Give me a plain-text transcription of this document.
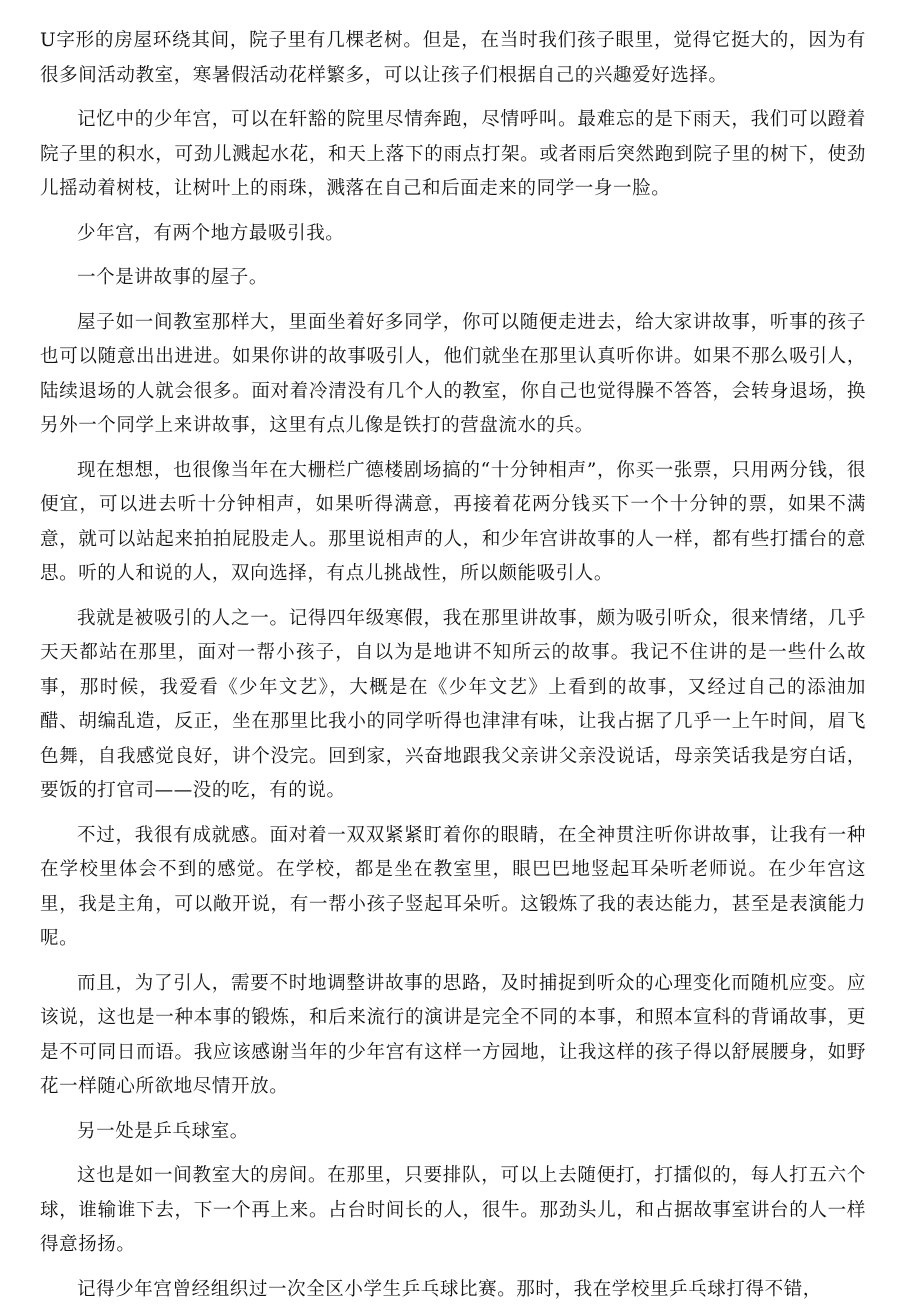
U字形的房屋环绕其间，院子里有几棵老树。但是，在当时我们孩子眼里，觉得它挺大的，因为有很多间活动教室，寒暑假活动花样繁多，可以让孩子们根据自己的兴趣爱好选择。

记忆中的少年宫，可以在轩豁的院里尽情奔跑，尽情呼叫。最难忘的是下雨天，我们可以蹬着院子里的积水，可劲儿溅起水花，和天上落下的雨点打架。或者雨后突然跑到院子里的树下，使劲儿摇动着树枝，让树叶上的雨珠，溅落在自己和后面走来的同学一身一脸。

少年宫，有两个地方最吸引我。

一个是讲故事的屋子。

屋子如一间教室那样大，里面坐着好多同学，你可以随便走进去，给大家讲故事，听事的孩子也可以随意出出进进。如果你讲的故事吸引人，他们就坐在那里认真听你讲。如果不那么吸引人，陆续退场的人就会很多。面对着冷清没有几个人的教室，你自己也觉得臊不答答，会转身退场，换另外一个同学上来讲故事，这里有点儿像是铁打的营盘流水的兵。

现在想想，也很像当年在大栅栏广德楼剧场搞的“十分钟相声”，你买一张票，只用两分钱，很便宜，可以进去听十分钟相声，如果听得满意，再接着花两分钱买下一个十分钟的票，如果不满意，就可以站起来拍拍屁股走人。那里说相声的人，和少年宫讲故事的人一样，都有些打擂台的意思。听的人和说的人，双向选择，有点儿挑战性，所以颇能吸引人。

我就是被吸引的人之一。记得四年级寒假，我在那里讲故事，颇为吸引听众，很来情绪，几乎天天都站在那里，面对一帮小孩子，自以为是地讲不知所云的故事。我记不住讲的是一些什么故事，那时候，我爱看《少年文艺》，大概是在《少年文艺》上看到的故事，又经过自己的添油加醋、胡编乱造，反正，坐在那里比我小的同学听得也津津有味，让我占据了几乎一上午时间，眉飞色舞，自我感觉良好，讲个没完。回到家，兴奋地跟我父亲讲父亲没说话，母亲笑话我是穷白话，要饭的打官司——没的吃，有的说。

不过，我很有成就感。面对着一双双紧紧盯着你的眼睛，在全神贯注听你讲故事，让我有一种在学校里体会不到的感觉。在学校，都是坐在教室里，眼巴巴地竖起耳朵听老师说。在少年宫这里，我是主角，可以敞开说，有一帮小孩子竖起耳朵听。这锻炼了我的表达能力，甚至是表演能力呢。

而且，为了引人，需要不时地调整讲故事的思路，及时捕捉到听众的心理变化而随机应变。应该说，这也是一种本事的锻炼，和后来流行的演讲是完全不同的本事，和照本宣科的背诵故事，更是不可同日而语。我应该感谢当年的少年宫有这样一方园地，让我这样的孩子得以舒展腰身，如野花一样随心所欲地尽情开放。

另一处是乒乓球室。

这也是如一间教室大的房间。在那里，只要排队，可以上去随便打，打擂似的，每人打五六个球，谁输谁下去，下一个再上来。占台时间长的人，很牛。那劲头儿，和占据故事室讲台的人一样得意扬扬。

记得少年宫曾经组织过一次全区小学生乒乓球比赛。那时，我在学校里乒乓球打得不错，
